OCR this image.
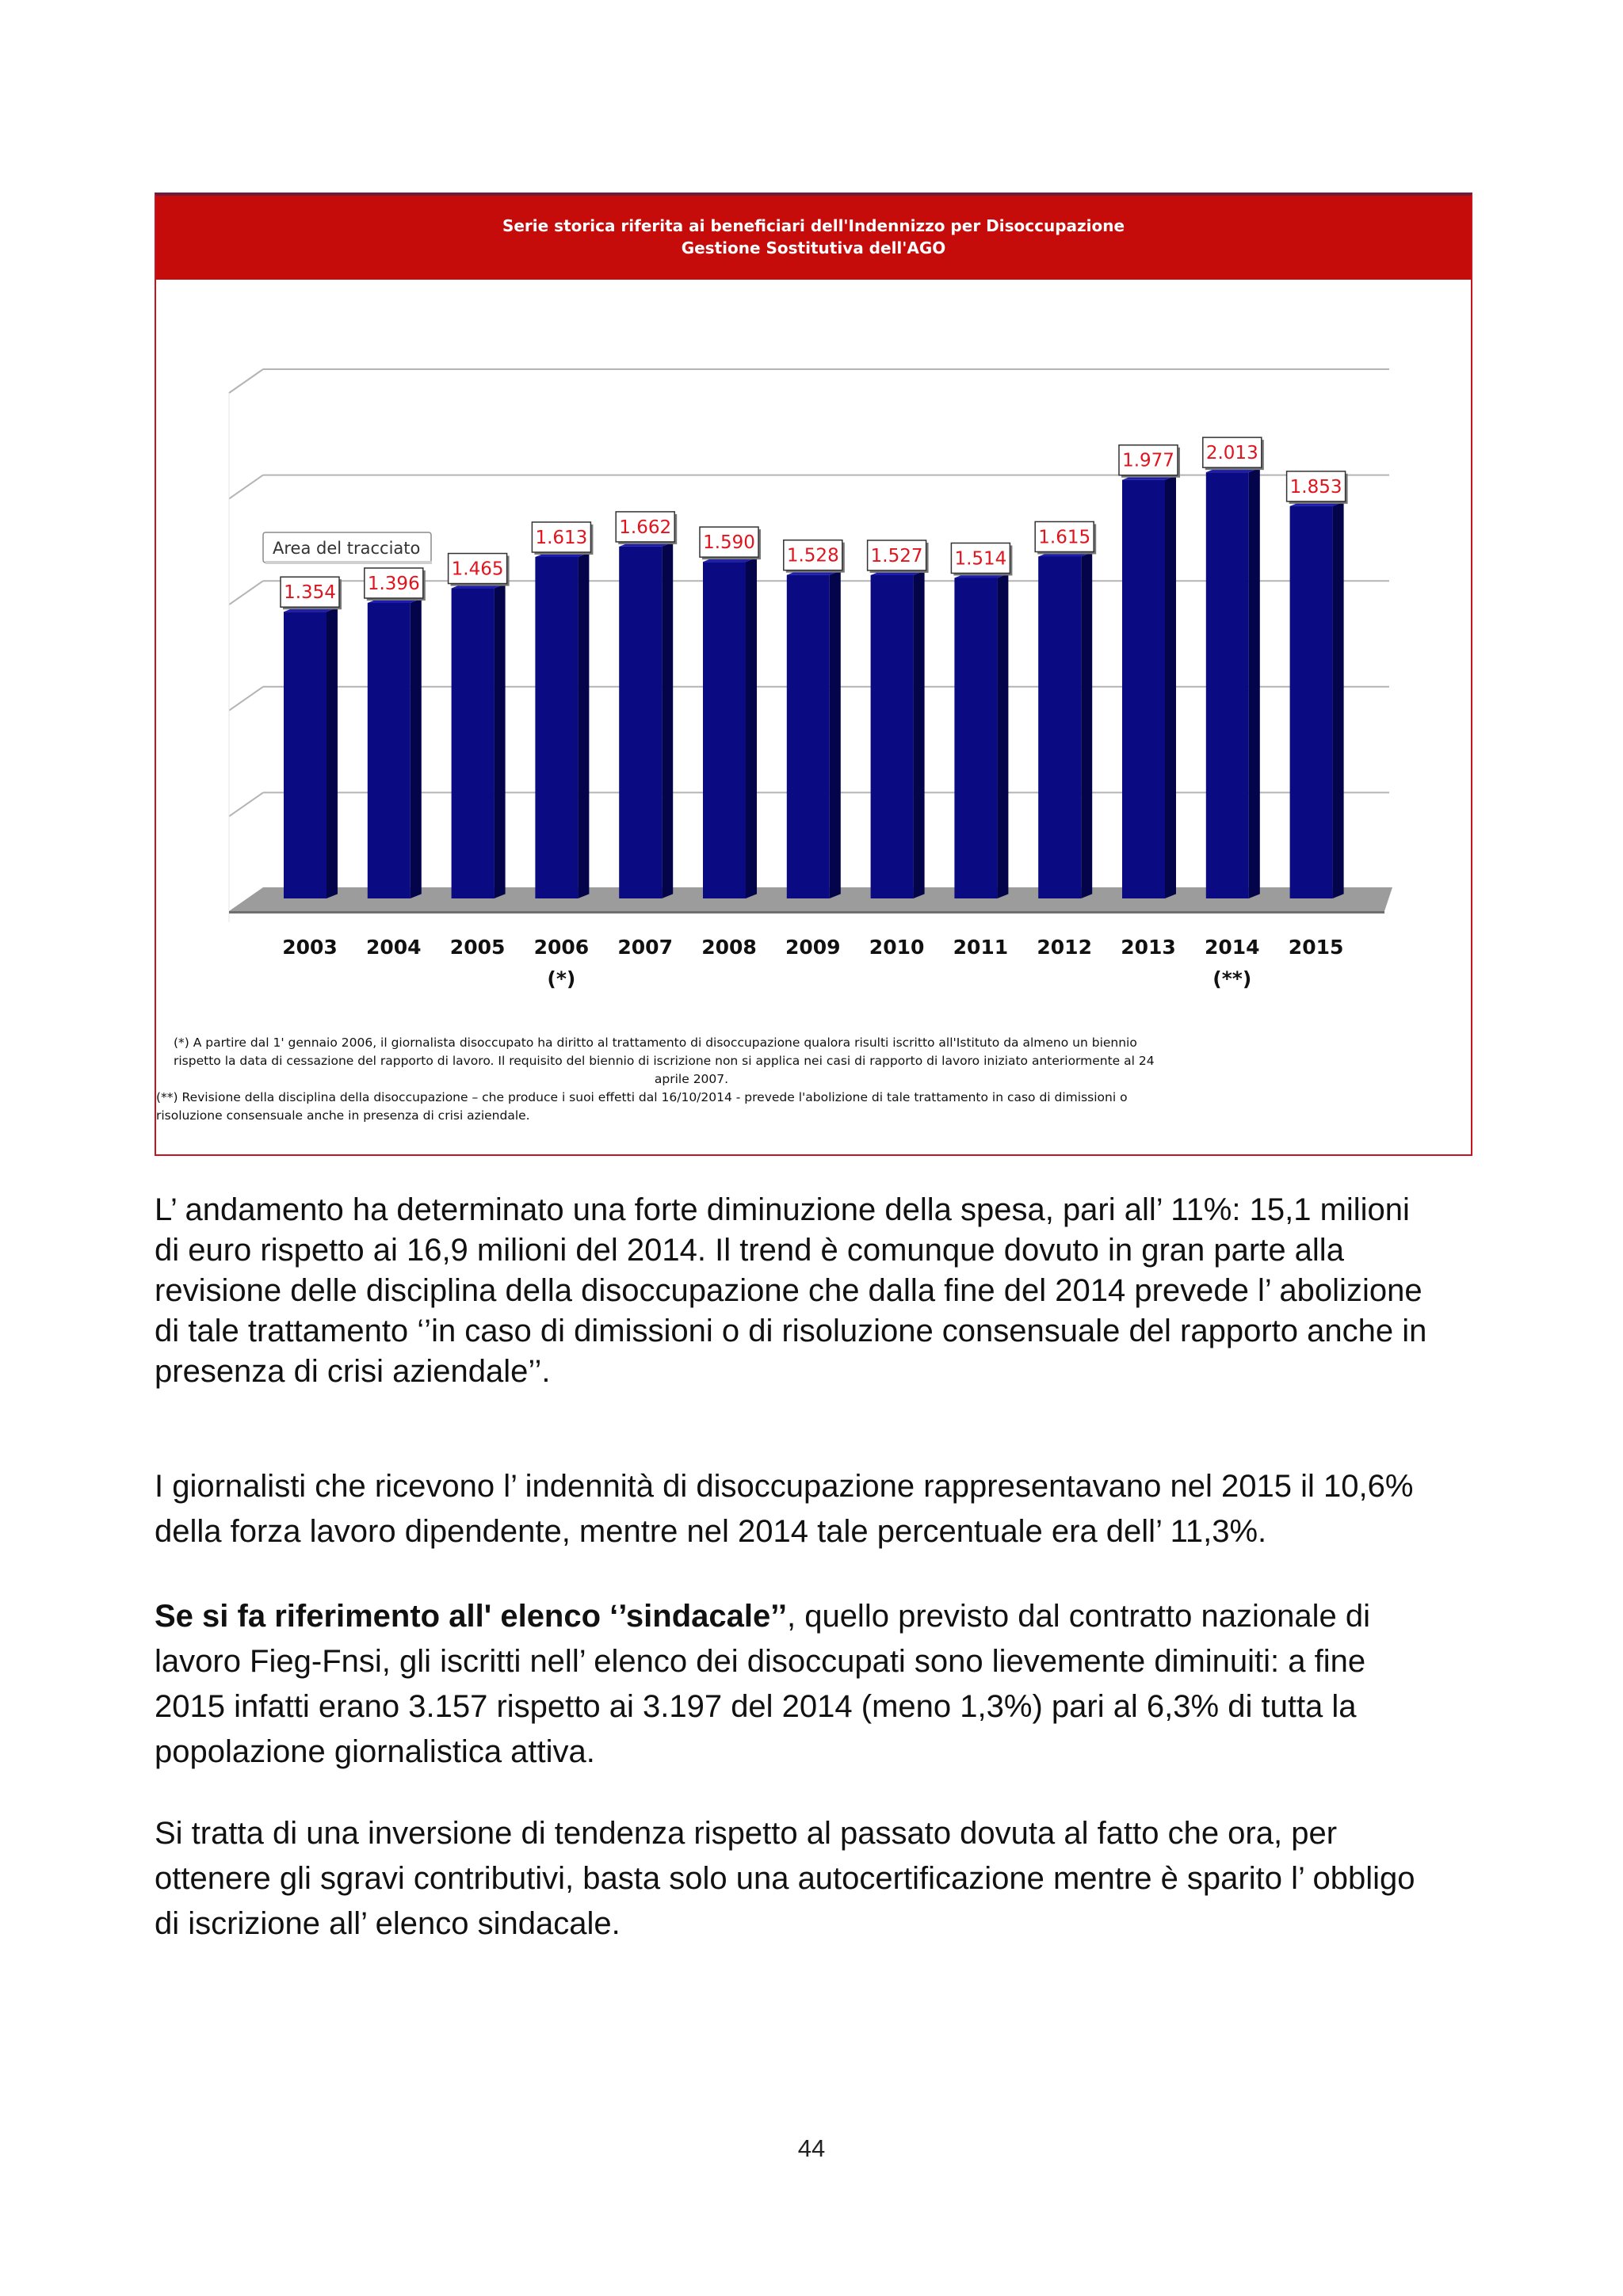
Serie storica riferita ai beneficiari dell'Indennizzo per Disoccupazione
Gestione Sostitutiva dell'AGO
1.354 1.396
1.465
1.613
1.662
1.590
1.528 1.527 1.514
1.615
1.977 2.013
1.853
2003 2004 2005 2006
(*)
2007 2008 2009 2010 2011 2012 2013 2014
(**)
2015
Area del tracciato
(*) A partire dal 1' gennaio 2006, il giornalista disoccupato ha diritto al trattamento di disoccupazione qualora risulti iscritto all'Istituto da almeno un biennio
rispetto la data di cessazione del rapporto di lavoro. Il requisito del biennio di iscrizione non si applica nei casi di rapporto di lavoro iniziato anteriormente al 24
aprile 2007.
(**) Revisione della disciplina della disoccupazione – che produce i suoi effetti dal 16/10/2014 - prevede l'abolizione di tale trattamento in caso di dimissioni o
risoluzione consensuale anche in presenza di crisi aziendale.
L’ andamento ha determinato una forte diminuzione della spesa, pari all’ 11%: 15,1 milioni
di euro rispetto ai 16,9 milioni del 2014. Il trend è comunque dovuto in gran parte alla
revisione delle disciplina della disoccupazione che dalla fine del 2014 prevede l’ abolizione
di tale trattamento ‘’in caso di dimissioni o di risoluzione consensuale del rapporto anche in
presenza di crisi aziendale’’.
I giornalisti che ricevono l’ indennità di disoccupazione rappresentavano nel 2015 il 10,6%
della forza lavoro dipendente, mentre nel 2014 tale percentuale era dell’ 11,3%.
Se si fa riferimento all' elenco ‘’sindacale’’, quello previsto dal contratto nazionale di
lavoro Fieg-Fnsi, gli iscritti nell’ elenco dei disoccupati sono lievemente diminuiti: a fine
2015 infatti erano 3.157 rispetto ai 3.197 del 2014 (meno 1,3%) pari al 6,3% di tutta la
popolazione giornalistica attiva.
Si tratta di una inversione di tendenza rispetto al passato dovuta al fatto che ora, per
ottenere gli sgravi contributivi, basta solo una autocertificazione mentre è sparito l’ obbligo
di iscrizione all’ elenco sindacale.
44
